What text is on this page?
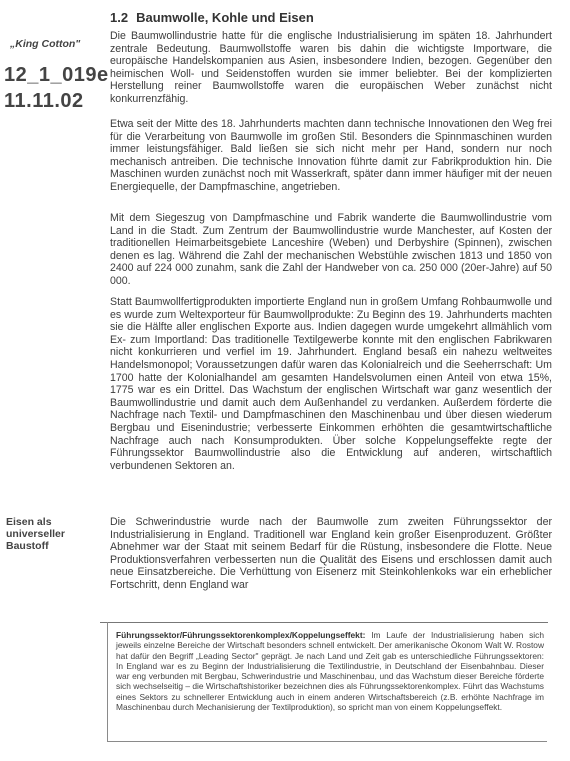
1.2 Baumwolle, Kohle und Eisen
„King Cotton"
12_1_019e
11.11.02

Die Baumwollindustrie hatte für die englische Industrialisierung im späten 18. Jahrhundert zentrale Bedeutung. Baumwollstoffe waren bis dahin die wichtigste Importware, die europäische Handelskompanien aus Asien, insbesondere Indien, bezogen. Gegenüber den heimischen Woll- und Seidenstoffen wurden sie immer beliebter. Bei der komplizierten Herstellung reiner Baumwollstoffe waren die europäischen Weber zunächst nicht konkurrenzfähig.

Etwa seit der Mitte des 18. Jahrhunderts machten dann technische Innovationen den Weg frei für die Verarbeitung von Baumwolle im großen Stil. Besonders die Spinnmaschinen wurden immer leistungsfähiger. Bald ließen sie sich nicht mehr per Hand, sondern nur noch mechanisch antreiben. Die technische Innovation führte damit zur Fabrikproduktion hin. Die Maschinen wurden zunächst noch mit Wasserkraft, später dann immer häufiger mit der neuen Energiequelle, der Dampfmaschine, angetrieben.

Mit dem Siegeszug von Dampfmaschine und Fabrik wanderte die Baumwollindustrie vom Land in die Stadt. Zum Zentrum der Baumwollindustrie wurde Manchester, auf Kosten der traditionellen Heimarbeitsgebiete Lanceshire (Weben) und Derbyshire (Spinnen), zwischen denen es lag. Während die Zahl der mechanischen Webstühle zwischen 1813 und 1850 von 2400 auf 224 000 zunahm, sank die Zahl der Handweber von ca. 250 000 (20er-Jahre) auf 50 000.

Statt Baumwollfertigprodukten importierte England nun in großem Umfang Rohbaumwolle und es wurde zum Weltexporteur für Baumwollprodukte: Zu Beginn des 19. Jahrhunderts machten sie die Hälfte aller englischen Exporte aus. Indien dagegen wurde umgekehrt allmählich vom Ex- zum Importland: Das traditionelle Textilgewerbe konnte mit den englischen Fabrikwaren nicht konkurrieren und verfiel im 19. Jahrhundert. England besaß ein nahezu weltweites Handelsmonopol; Voraussetzungen dafür waren das Kolonialreich und die Seeherrschaft: Um 1700 hatte der Kolonialhandel am gesamten Handelsvolumen einen Anteil von etwa 15%, 1775 war es ein Drittel. Das Wachstum der englischen Wirtschaft war ganz wesentlich der Baumwollindustrie und damit auch dem Außenhandel zu verdanken. Außerdem förderte die Nachfrage nach Textil- und Dampfmaschinen den Maschinenbau und über diesen wiederum Bergbau und Eisenindustrie; verbesserte Einkommen erhöhten die gesamtwirtschaftliche Nachfrage auch nach Konsumprodukten. Über solche Koppelungseffekte regte der Führungssektor Baumwollindustrie also die Entwicklung auf anderen, wirtschaftlich verbundenen Sektoren an.

Eisen als
universeller
Baustoff

Die Schwerindustrie wurde nach der Baumwolle zum zweiten Führungssektor der Industrialisierung in England. Traditionell war England kein großer Eisenproduzent. Größter Abnehmer war der Staat mit seinem Bedarf für die Rüstung, insbesondere die Flotte. Neue Produktionsverfahren verbesserten nun die Qualität des Eisens und erschlossen damit auch neue Einsatzbereiche. Die Verhüttung von Eisenerz mit Steinkohlenkoks war ein erheblicher Fortschritt, denn England war

Führungssektor/Führungssektorenkomplex/Koppelungseffekt: Im Laufe der Industrialisierung haben sich jeweils einzelne Bereiche der Wirtschaft besonders schnell entwickelt. Der amerikanische Ökonom Walt W. Rostow hat dafür den Begriff „Leading Sector" geprägt. Je nach Land und Zeit gab es unterschiedliche Führungssektoren: In England war es zu Beginn der Industrialisierung die Textilindustrie, in Deutschland der Eisenbahnbau. Dieser war eng verbunden mit Bergbau, Schwerindustrie und Maschinenbau, und das Wachstum dieser Bereiche förderte sich wechselseitig – die Wirtschaftshistoriker bezeichnen dies als Führungssektorenkomplex. Führt das Wachstums eines Sektors zu schnellerer Entwicklung auch in einem anderen Wirtschaftsbereich (z.B. erhöhte Nachfrage im Maschinenbau durch Mechanisierung der Textilproduktion), so spricht man von einem Koppelungseffekt.
